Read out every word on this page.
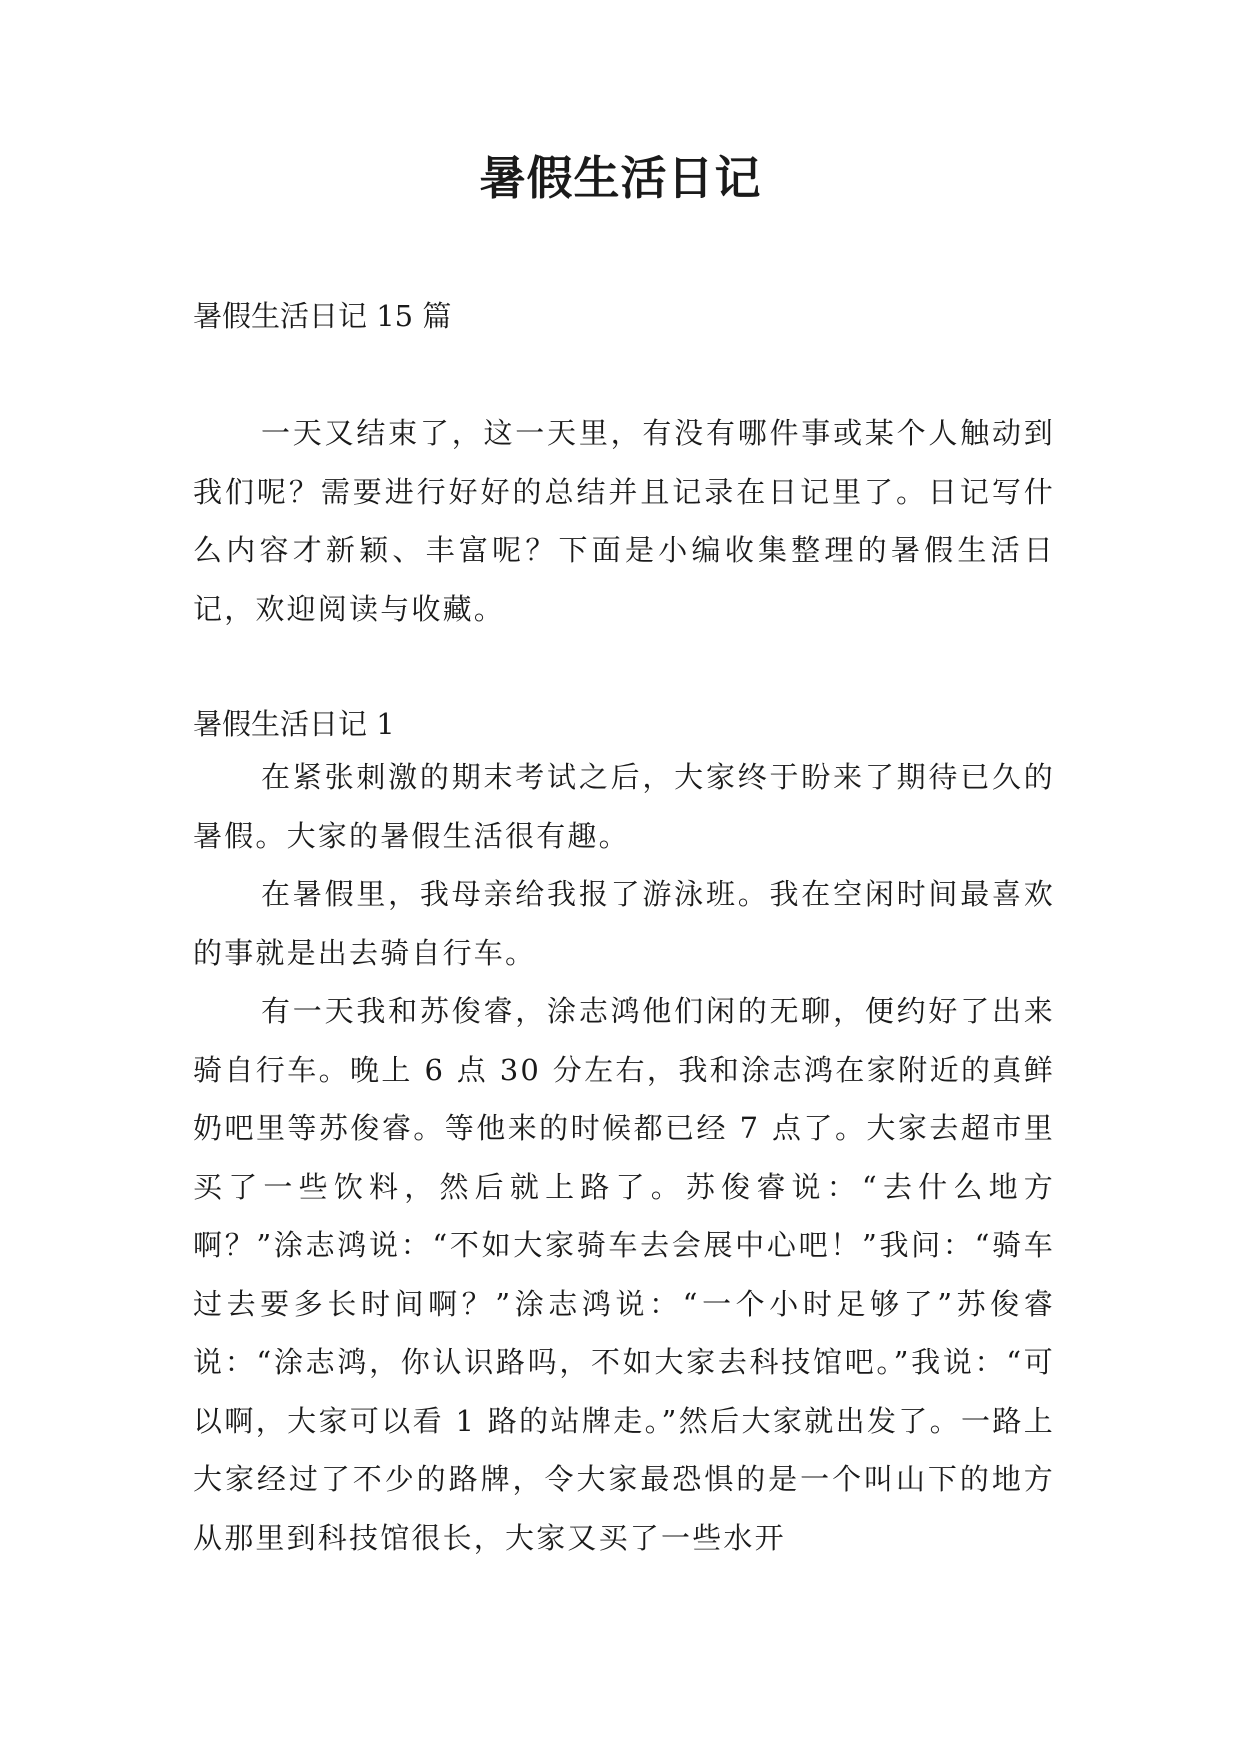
暑假生活日记

暑假生活日记 15 篇

一天又结束了，这一天里，有没有哪件事或某个人触动到我们呢？需要进行好好的总结并且记录在日记里了。日记写什么内容才新颖、丰富呢？下面是小编收集整理的暑假生活日记，欢迎阅读与收藏。

暑假生活日记 1

在紧张刺激的期末考试之后，大家终于盼来了期待已久的暑假。大家的暑假生活很有趣。

在暑假里，我母亲给我报了游泳班。我在空闲时间最喜欢的事就是出去骑自行车。

有一天我和苏俊睿，涂志鸿他们闲的无聊，便约好了出来骑自行车。晚上 6 点 30 分左右，我和涂志鸿在家附近的真鲜奶吧里等苏俊睿。等他来的时候都已经 7 点了。大家去超市里买了一些饮料，然后就上路了。苏俊睿说：“去什么地方啊？”涂志鸿说：“不如大家骑车去会展中心吧！”我问：“骑车过去要多长时间啊？”涂志鸿说：“一个小时足够了”苏俊睿说：“涂志鸿，你认识路吗，不如大家去科技馆吧。”我说：“可以啊，大家可以看 1 路的站牌走。”然后大家就出发了。一路上大家经过了不少的路牌，令大家最恐惧的是一个叫山下的地方从那里到科技馆很长，大家又买了一些水开
